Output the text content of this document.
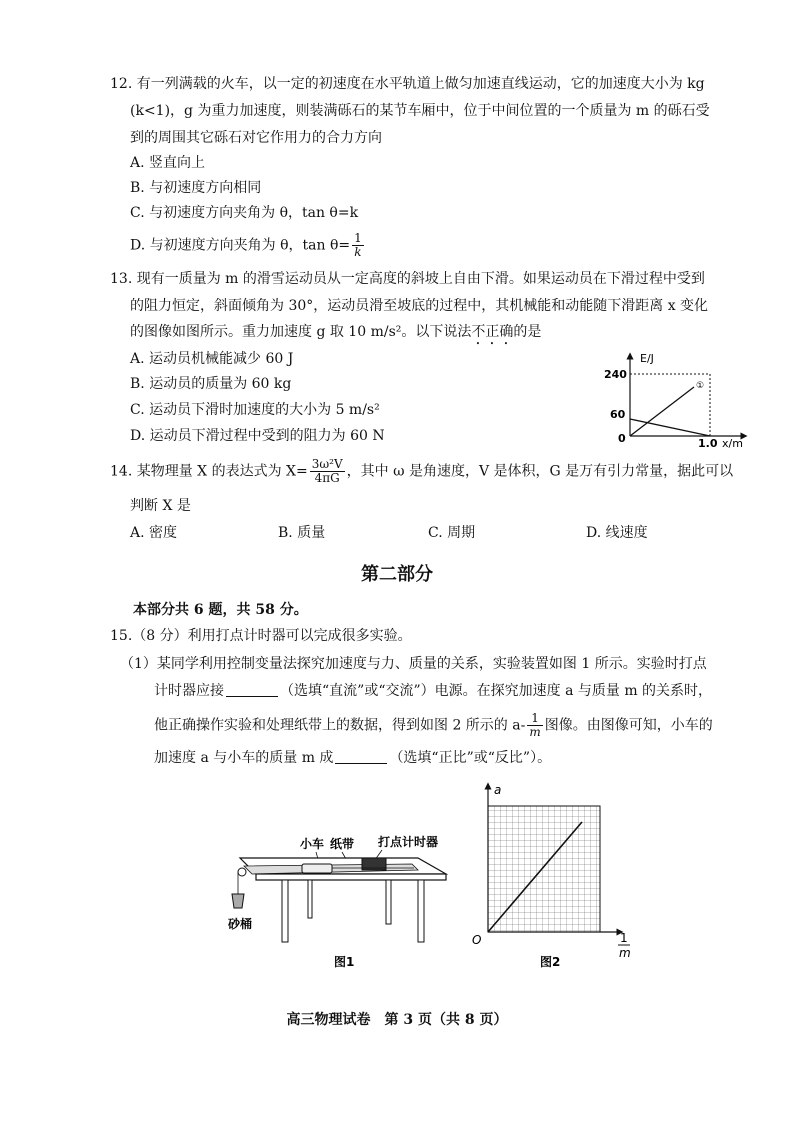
12. 有一列满载的火车，以一定的初速度在水平轨道上做匀加速直线运动，它的加速度大小为 kg
(k<1)，g 为重力加速度，则装满砾石的某节车厢中，位于中间位置的一个质量为 m 的砾石受
到的周围其它砾石对它作用力的合力方向
A. 竖直向上
B. 与初速度方向相同
C. 与初速度方向夹角为 θ，tan θ=k
D. 与初速度方向夹角为 θ，$\tan \theta= \frac{1}{k}$
13. 现有一质量为 m 的滑雪运动员从一定高度的斜坡上自由下滑。如果运动员在下滑过程中受到
的阻力恒定，斜面倾角为 30°，运动员滑至坡底的过程中，其机械能和动能随下滑距离 x 变化
的图像如图所示。重力加速度 g 取 10 m/s²。以下说法不正确的是
A. 运动员机械能减少 60 J
B. 运动员的质量为 60 kg
C. 运动员下滑时加速度的大小为 5 m/s²
D. 运动员下滑过程中受到的阻力为 60 N
E/J
240
60
0	1.0 x/m
①
14. 某物理量 X 的表达式为 $X= \frac{\text{3ω²V}}{4\pi G}$ ，其中 ω 是角速度，V 是体积，G 是万有引力常量，据此可以
判断 X 是
A. 密度	B. 质量	C. 周期	D. 线速度
第二部分
本部分共 6 题，共 58 分。
15.（8 分）利用打点计时器可以完成很多实验。
（1）某同学利用控制变量法探究加速度与力、质量的关系，实验装置如图 1 所示。实验时打点
计时器应接	（选填“直流”或“交流”）电源。在探究加速度 a 与质量 m 的关系时，
他正确操作实验和处理纸带上的数据，得到如图 2 所示的 $a- \frac{1}{m}$ 图像。由图像可知，小车的
加速度 a 与小车的质量 m 成	（选填“正比”或“反比”）。
小车 纸带 打点计时器
砂桶
图1
a
O	1
m
图2
高三物理试卷　第 3 页（共 8 页）
